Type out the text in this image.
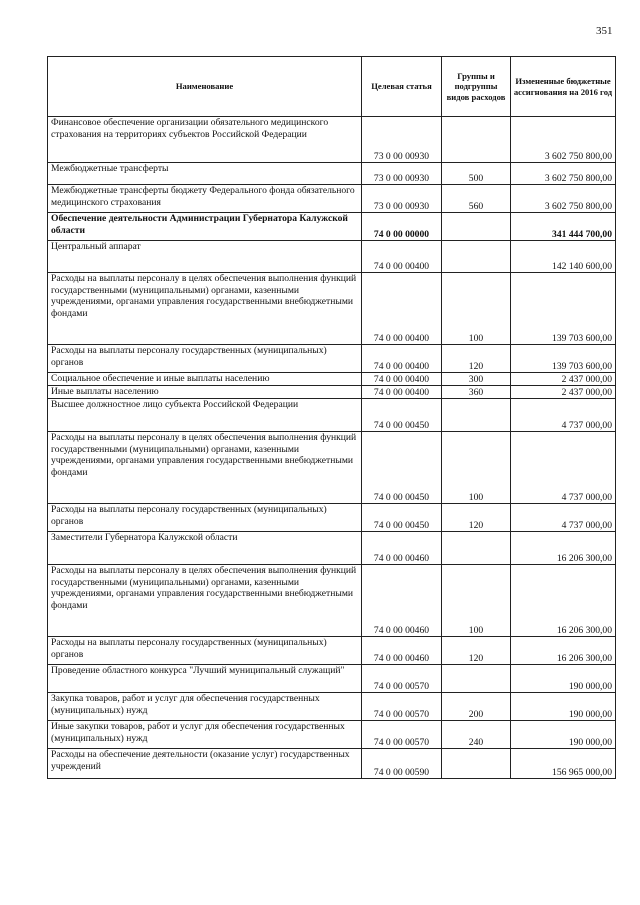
351
Наименование	Целевая статья	Группы и подгруппы видов расходов	Измененные бюджетные ассигнования на 2016 год
Финансовое обеспечение организации обязательного медицинского страхования на территориях субъектов Российской Федерации	73 0 00 00930		3 602 750 800,00
Межбюджетные трансферты	73 0 00 00930	500	3 602 750 800,00
Межбюджетные трансферты бюджету Федерального фонда обязательного медицинского страхования	73 0 00 00930	560	3 602 750 800,00
Обеспечение деятельности Администрации Губернатора Калужской области	74 0 00 00000		341 444 700,00
Центральный аппарат	74 0 00 00400		142 140 600,00
Расходы на выплаты персоналу в целях обеспечения выполнения функций государственными (муниципальными) органами, казенными учреждениями, органами управления государственными внебюджетными фондами	74 0 00 00400	100	139 703 600,00
Расходы на выплаты персоналу государственных (муниципальных) органов	74 0 00 00400	120	139 703 600,00
Социальное обеспечение и иные выплаты населению	74 0 00 00400	300	2 437 000,00
Иные выплаты населению	74 0 00 00400	360	2 437 000,00
Высшее должностное лицо субъекта Российской Федерации	74 0 00 00450		4 737 000,00
Расходы на выплаты персоналу в целях обеспечения выполнения функций государственными (муниципальными) органами, казенными учреждениями, органами управления государственными внебюджетными фондами	74 0 00 00450	100	4 737 000,00
Расходы на выплаты персоналу государственных (муниципальных) органов	74 0 00 00450	120	4 737 000,00
Заместители Губернатора Калужской области	74 0 00 00460		16 206 300,00
Расходы на выплаты персоналу в целях обеспечения выполнения функций государственными (муниципальными) органами, казенными учреждениями, органами управления государственными внебюджетными фондами	74 0 00 00460	100	16 206 300,00
Расходы на выплаты персоналу государственных (муниципальных) органов	74 0 00 00460	120	16 206 300,00
Проведение областного конкурса "Лучший муниципальный служащий"	74 0 00 00570		190 000,00
Закупка товаров, работ и услуг для обеспечения государственных (муниципальных) нужд	74 0 00 00570	200	190 000,00
Иные закупки товаров, работ и услуг для обеспечения государственных (муниципальных) нужд	74 0 00 00570	240	190 000,00
Расходы на обеспечение деятельности (оказание услуг) государственных учреждений	74 0 00 00590		156 965 000,00
